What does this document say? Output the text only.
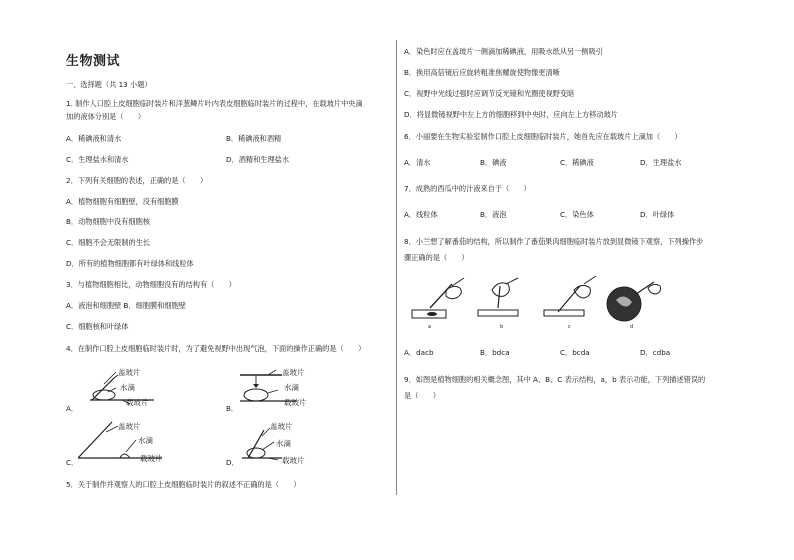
生物测试
一、选择题（共 13 小题）
1. 制作人口腔上皮细胞临时装片和洋葱鳞片叶内表皮细胞临时装片的过程中，在载玻片中央滴
加的液体分别是（　　）
A．稀碘液和清水	B．稀碘液和酒精
C．生理盐水和清水	D．酒精和生理盐水
2．下列有关细胞的表述，正确的是（　　）
A．植物细胞有细胞壁，没有细胞膜
B．动物细胞中没有细胞核
C．细胞不会无限制的生长
D．所有的植物细胞都有叶绿体和线粒体
3．与植物细胞相比，动物细胞没有的结构有（　　）
A．液泡和细胞壁 B．细胞膜和细胞壁
C．细胞核和叶绿体
4．在制作口腔上皮细胞临时装片时，为了避免视野中出现气泡，下面的操作正确的是（　　）
A．
盖玻片
水滴
载玻片
B．
盖玻片
水滴
载玻片
C．
盖玻片
水滴
载玻片	D．
盖玻片
水滴
载玻片
5．关于制作并观察人的口腔上皮细胞临时装片的叙述不正确的是（　　）
A．染色时应在盖玻片一侧滴加稀碘液，用吸水纸从另一侧吸引
B．换用高倍镜后应旋转粗准焦螺旋使物像更清晰
C．视野中光线过强时应调节反光镜和光圈使视野变暗
D．将显微镜视野中左上方的细胞移到中央时，应向左上方移动玻片
6．小丽要在生物实验室制作口腔上皮细胞临时装片，她首先应在载玻片上滴加（　　）
A．清水	B．碘液	C．稀碘液	D．生理盐水
7．成熟的西瓜中的汁液来自于（　　）
A．线粒体	B．液泡	C．染色体	D．叶绿体
8．小兰想了解番茄的结构，所以制作了番茄果肉细胞临时装片放到显微镜下观察，下列操作步
骤正确的是（　　）
a	b	c	d
A．dacb	B．bdca	C．bcda	D．cdba
9．如图是植物细胞的相关概念图，其中 A、B、C 表示结构，a，b 表示功能，下列描述错误的
是（　　）
